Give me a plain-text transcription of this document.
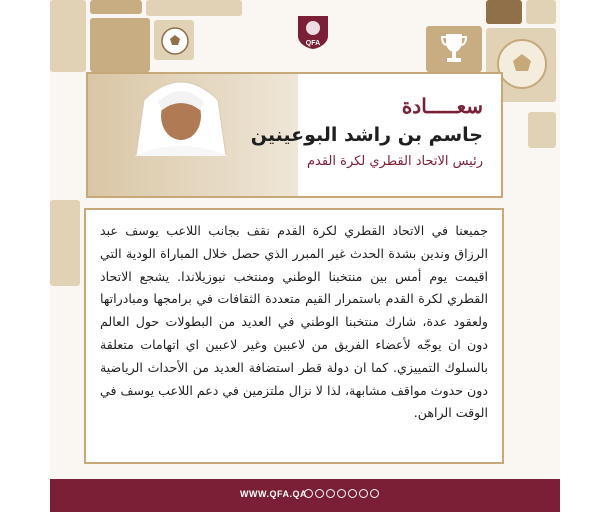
QFA
سعـــــادة
جاسم بن راشد البوعينين
رئيس الاتحاد القطري لكرة القدم

جميعنا في الاتحاد القطري لكرة القدم نقف بجانب اللاعب يوسف عبد الرزاق وندين بشدة الحدث غير المبرر الذي حصل خلال المباراة الودية التي اقيمت يوم أمس بين منتخبنا الوطني ومنتخب نيوزيلاندا. يشجع الاتحاد القطري لكرة القدم باستمرار القيم متعددة الثقافات في برامجها ومبادراتها ولعقود عدة، شارك منتخبنا الوطني في العديد من البطولات حول العالم دون ان يوجّه لأعضاء الفريق من لاعبين وغير لاعبين اي اتهامات متعلقة بالسلوك التمييزي. كما ان دولة قطر استضافة العديد من الأحداث الرياضية دون حدوث مواقف مشابهة، لذا لا نزال ملتزمين في دعم اللاعب يوسف في الوقت الراهن.

WWW.QFA.QA
